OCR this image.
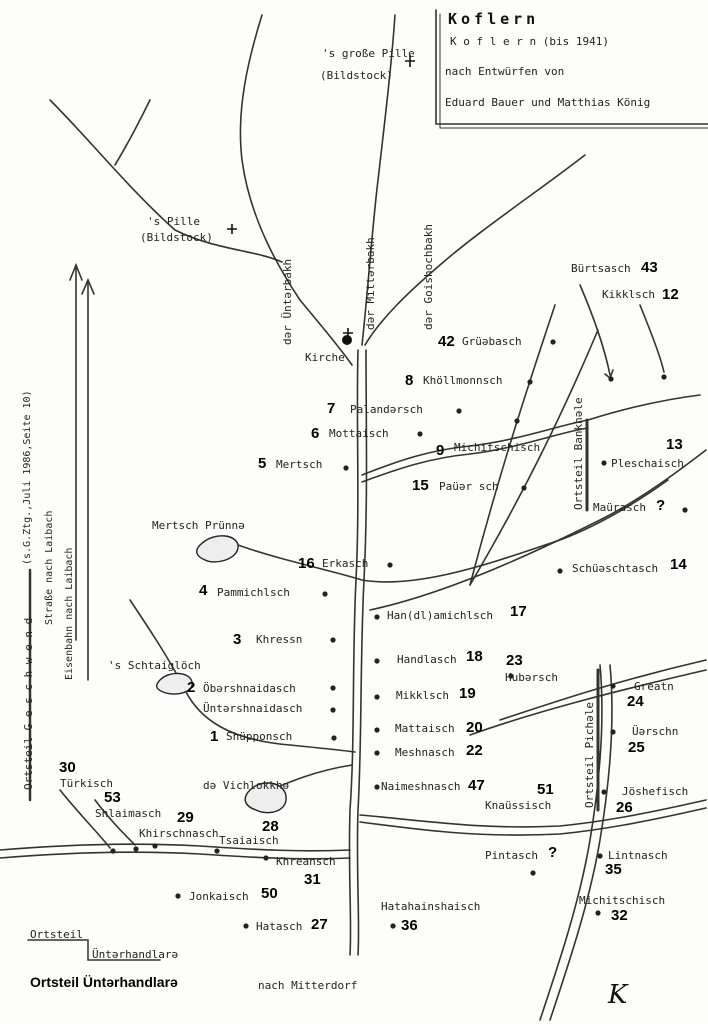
Koflern
K o f l e r n (bis 1941)
nach Entwürfen von
Eduard Bauer und Matthias König
's große Pille
(Bildstock)
's Pille
(Bildstock)
Kirche
Mertsch Prünnə
's Schtaiglöch
də Vichlokkhə
dər Üntərbakh	dər Mittərbakh	dər Goishochbakh
Straße nach Laibach Eisenbahn nach Laibach
nach Mitterdorf
Ortsteil G e s c h w e n d
(s.G.Ztg.,Juli 1986,Seite 10)	Ortsteil Bankhəle
Ortsteil Pichəle
Ortsteil
Üntərhandlarə
Ortsteil Üntərhandlarə	K
42 Grüəbasch
8 Khöllmonnsch
7 Palandərsch
6 Mottaisch
9 Michitschisch
5 Mertsch
15 Paüər sch
43
Bürtsasch
12
Kikklsch
13
Pleschaisch
?
Maürasch
16 Erkasch	14
Schüəschtasch
4 Pammichlsch
17
Han(dl)amichlsch
3 Khressn
18
Handlasch	23
Hubərsch
2 Öbərshnaidasch
Üntərshnaidasch
19
Mikklsch	24
Greatn
1 Shüpponsch
20
Mattaisch
22
Meshnasch	25
Üərschn
30
Türkisch	47
Naimeshnasch	51
Knaüssisch	26
Jöshefisch
53
Shlaimasch 29
Khirschnasch	28
Tsaiaisch
31
Khreansch
?
Pintasch
35
Lintnasch
50
Jonkaisch
27
Hatasch	36
Hatahainshaisch
32
Michitschisch
